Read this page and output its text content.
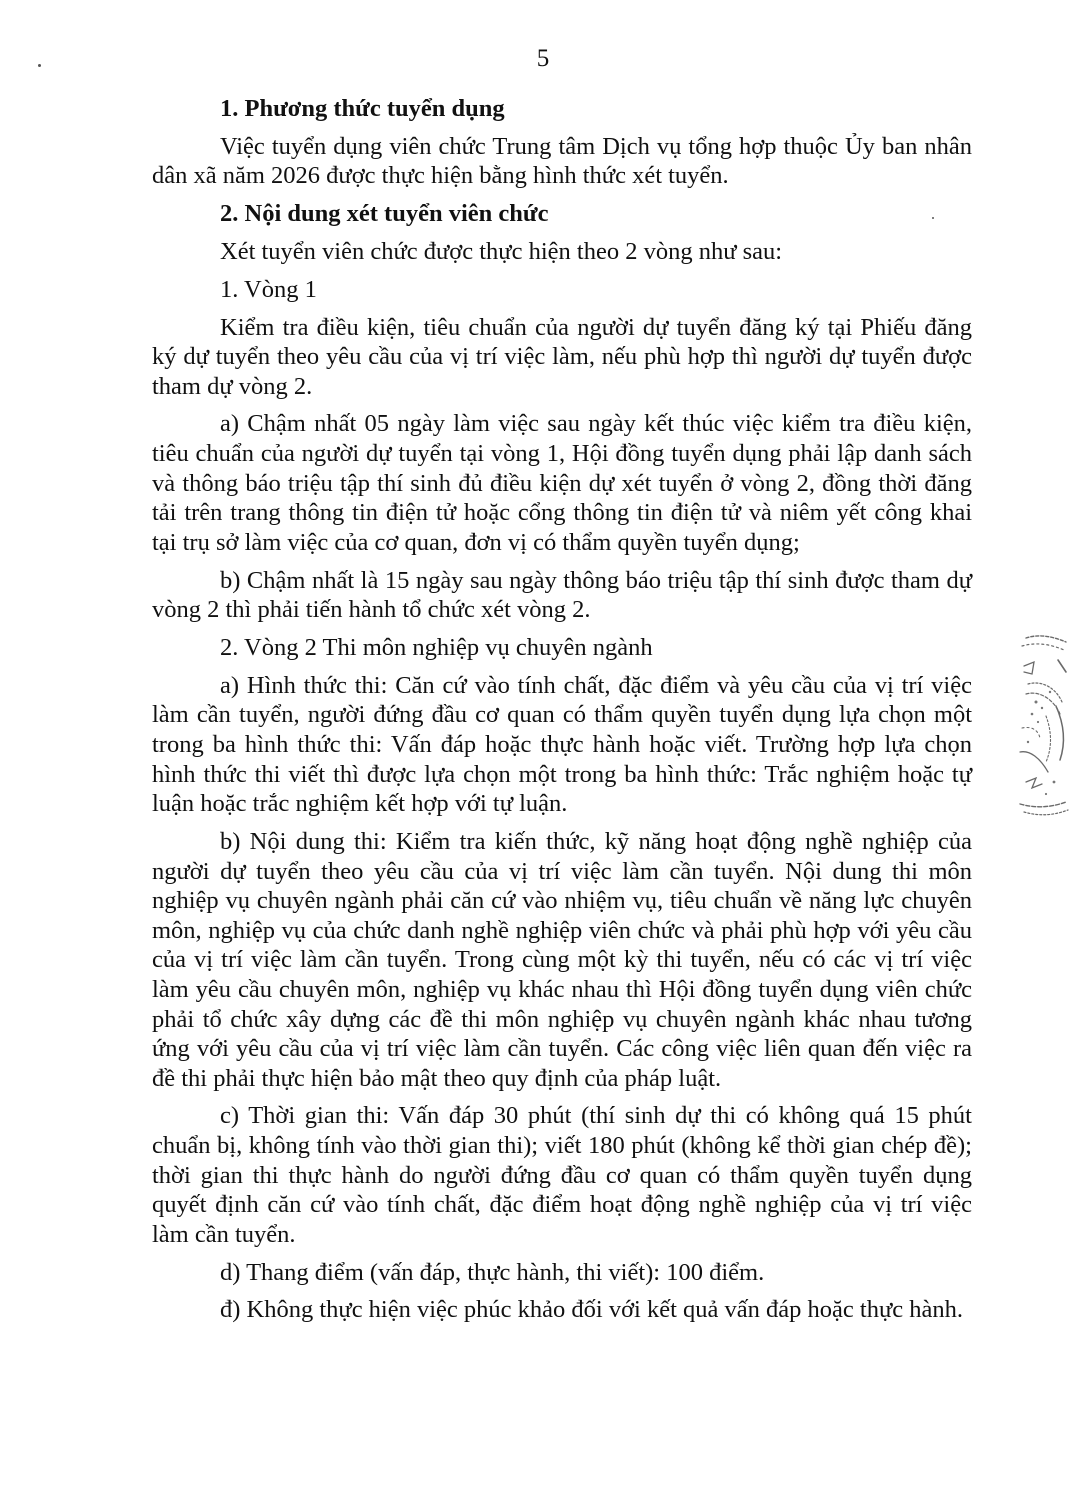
5

1. Phương thức tuyển dụng

Việc tuyển dụng viên chức Trung tâm Dịch vụ tổng hợp thuộc Ủy ban nhân dân xã năm 2026 được thực hiện bằng hình thức xét tuyển.

2. Nội dung xét tuyển viên chức

Xét tuyển viên chức được thực hiện theo 2 vòng như sau:

1. Vòng 1

Kiểm tra điều kiện, tiêu chuẩn của người dự tuyển đăng ký tại Phiếu đăng ký dự tuyển theo yêu cầu của vị trí việc làm, nếu phù hợp thì người dự tuyển được tham dự vòng 2.

a) Chậm nhất 05 ngày làm việc sau ngày kết thúc việc kiểm tra điều kiện, tiêu chuẩn của người dự tuyển tại vòng 1, Hội đồng tuyển dụng phải lập danh sách và thông báo triệu tập thí sinh đủ điều kiện dự xét tuyển ở vòng 2, đồng thời đăng tải trên trang thông tin điện tử hoặc cổng thông tin điện tử và niêm yết công khai tại trụ sở làm việc của cơ quan, đơn vị có thẩm quyền tuyển dụng;

b) Chậm nhất là 15 ngày sau ngày thông báo triệu tập thí sinh được tham dự vòng 2 thì phải tiến hành tổ chức xét vòng 2.

2. Vòng 2 Thi môn nghiệp vụ chuyên ngành

a) Hình thức thi: Căn cứ vào tính chất, đặc điểm và yêu cầu của vị trí việc làm cần tuyển, người đứng đầu cơ quan có thẩm quyền tuyển dụng lựa chọn một trong ba hình thức thi: Vấn đáp hoặc thực hành hoặc viết. Trường hợp lựa chọn hình thức thi viết thì được lựa chọn một trong ba hình thức: Trắc nghiệm hoặc tự luận hoặc trắc nghiệm kết hợp với tự luận.

b) Nội dung thi: Kiểm tra kiến thức, kỹ năng hoạt động nghề nghiệp của người dự tuyển theo yêu cầu của vị trí việc làm cần tuyển. Nội dung thi môn nghiệp vụ chuyên ngành phải căn cứ vào nhiệm vụ, tiêu chuẩn về năng lực chuyên môn, nghiệp vụ của chức danh nghề nghiệp viên chức và phải phù hợp với yêu cầu của vị trí việc làm cần tuyển. Trong cùng một kỳ thi tuyển, nếu có các vị trí việc làm yêu cầu chuyên môn, nghiệp vụ khác nhau thì Hội đồng tuyển dụng viên chức phải tổ chức xây dựng các đề thi môn nghiệp vụ chuyên ngành khác nhau tương ứng với yêu cầu của vị trí việc làm cần tuyển. Các công việc liên quan đến việc ra đề thi phải thực hiện bảo mật theo quy định của pháp luật.

c) Thời gian thi: Vấn đáp 30 phút (thí sinh dự thi có không quá 15 phút chuẩn bị, không tính vào thời gian thi); viết 180 phút (không kể thời gian chép đề); thời gian thi thực hành do người đứng đầu cơ quan có thẩm quyền tuyển dụng quyết định căn cứ vào tính chất, đặc điểm hoạt động nghề nghiệp của vị trí việc làm cần tuyển.

d) Thang điểm (vấn đáp, thực hành, thi viết): 100 điểm.

đ) Không thực hiện việc phúc khảo đối với kết quả vấn đáp hoặc thực hành.
